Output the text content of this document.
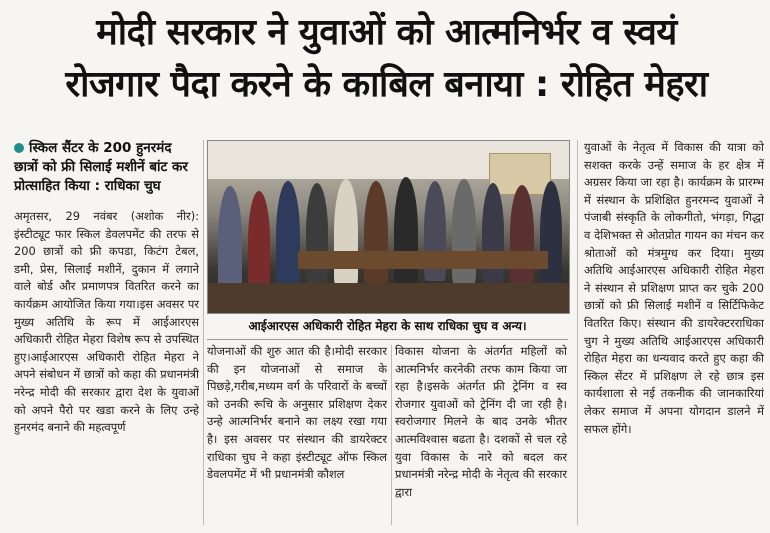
मोदी सरकार ने युवाओं को आत्मनिर्भर व स्वयं
रोजगार पैदा करने के काबिल बनाया : रोहित मेहरा
स्किल सैंटर के 200 हुनरमंद छात्रों को फ्री सिलाई मशीनें बांट कर प्रोत्साहित किया : राधिका चुघ

अमृतसर, 29 नवंबर (अशोक नीर): इंस्टीट्यूट फार स्किल डेवलपमेंट की तरफ से 200 छात्रों को फ्री कपडा, किटंग टेबल, डमी, प्रेस, सिलाई मशीनें, दुकान में लगाने वाले बोर्ड और प्रमाणपत्र वितरित करने का कार्यक्रम आयोजित किया गया।इस अवसर पर मुख्य अतिथि के रूप में आईआरएस अधिकारी रोहित मेहरा विशेष रूप से उपस्थित हुए।आईआरएस अधिकारी रोहित मेहरा ने अपने संबोधन में छात्रों को कहा की प्रधानमंत्री नरेन्द्र मोदी की सरकार द्वारा देश के युवाओं को अपने पैरो पर खडा करने के लिए उन्हे हुनरमंद बनाने की महत्वपूर्ण

आईआरएस अधिकारी रोहित मेहरा के साथ राधिका चुघ व अन्य।

योजनाओं की शुरु आत की है।मोदी सरकार की इन योजनाओं से समाज के पिछड़े,गरीब,मध्यम वर्ग के परिवारों के बच्चों को उनकी रूचि के अनुसार प्रशिक्षण देकर उन्हे आत्मनिर्भर बनाने का लक्ष्य रखा गया है। इस अवसर पर संस्थान की डायरेक्टर राधिका चुघ ने कहा इंस्टीट्यूट ऑफ स्किल डेवलपमेंट में भी प्रधानमंत्री कौशल

विकास योजना के अंतर्गत महिलों को आत्मनिर्भर करनेकी तरफ काम किया जा रहा है।इसके अंतर्गत फ्री ट्रेनिंग व स्व रोजगार युवाओं को ट्रेनिंग दी जा रही है। स्वरोजगार मिलने के बाद उनके भीतर आत्मविश्वास बढता है। दशकों से चल रहे युवा विकास के नारे को बदल कर प्रधानमंत्री नरेन्द्र मोदी के नेतृत्व की सरकार द्वारा

युवाओं के नेतृत्व में विकास की यात्रा को सशक्त करके उन्हें समाज के हर क्षेत्र में अग्रसर किया जा रहा है। कार्यक्रम के प्रारम्भ में संस्थान के प्रशिक्षित हुनरमन्द युवाओं ने पंजाबी संस्कृति के लोकगीतो, भंगड़ा, गिद्धा व देशिभक्त से ओतप्रोत गायन का मंचन कर श्रोताओं को मंत्रमुग्ध कर दिया। मुख्य अतिथि आईआरएस अधिकारी रोहित मेहरा ने संस्थान से प्रशिक्षण प्राप्त कर चुके 200 छात्रों को फ्री सिलाई मशीनें व सिर्टिफिकेट वितरित किए। संस्थान की डायरेक्टरराधिका चुग ने मुख्य अतिथि आईआरएस अधिकारी रोहित मेहरा का धन्यवाद करते हुए कहा की स्किल सेंटर में प्रशिक्षण ले रहे छात्र इस कार्यशाला से नई तकनीक की जानकारियां लेकर समाज में अपना योगदान डालने में सफल होंगे।
